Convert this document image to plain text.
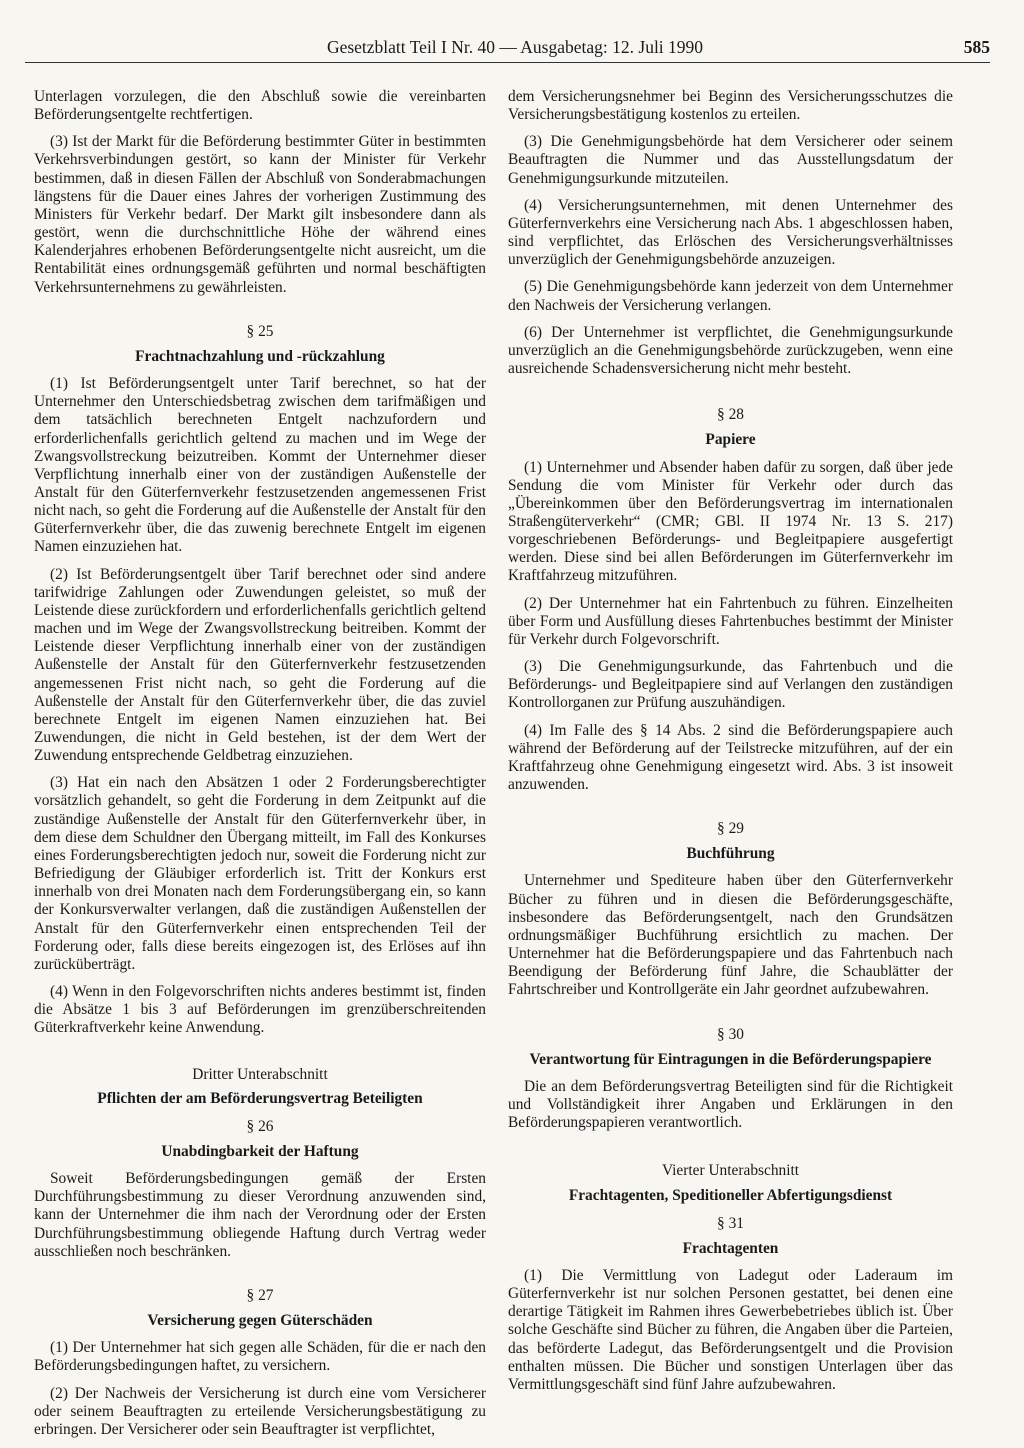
Gesetzblatt Teil I Nr. 40 — Ausgabetag: 12. Juli 1990	585

Unterlagen vorzulegen, die den Abschluß sowie die vereinbarten Beförderungsentgelte rechtfertigen.

(3) Ist der Markt für die Beförderung bestimmter Güter in bestimmten Verkehrsverbindungen gestört, so kann der Minister für Verkehr bestimmen, daß in diesen Fällen der Abschluß von Sonderabmachungen längstens für die Dauer eines Jahres der vorherigen Zustimmung des Ministers für Verkehr bedarf. Der Markt gilt insbesondere dann als gestört, wenn die durchschnittliche Höhe der während eines Kalenderjahres erhobenen Beförderungsentgelte nicht ausreicht, um die Rentabilität eines ordnungsgemäß geführten und normal beschäftigten Verkehrsunternehmens zu gewährleisten.

§ 25
Frachtnachzahlung und -rückzahlung

(1) Ist Beförderungsentgelt unter Tarif berechnet, so hat der Unternehmer den Unterschiedsbetrag zwischen dem tarifmäßigen und dem tatsächlich berechneten Entgelt nachzufordern und erforderlichenfalls gerichtlich geltend zu machen und im Wege der Zwangsvollstreckung beizutreiben. Kommt der Unternehmer dieser Verpflichtung innerhalb einer von der zuständigen Außenstelle der Anstalt für den Güterfernverkehr festzusetzenden angemessenen Frist nicht nach, so geht die Forderung auf die Außenstelle der Anstalt für den Güterfernverkehr über, die das zuwenig berechnete Entgelt im eigenen Namen einzuziehen hat.

(2) Ist Beförderungsentgelt über Tarif berechnet oder sind andere tarifwidrige Zahlungen oder Zuwendungen geleistet, so muß der Leistende diese zurückfordern und erforderlichenfalls gerichtlich geltend machen und im Wege der Zwangsvollstreckung beitreiben. Kommt der Leistende dieser Verpflichtung innerhalb einer von der zuständigen Außenstelle der Anstalt für den Güterfernverkehr festzusetzenden angemessenen Frist nicht nach, so geht die Forderung auf die Außenstelle der Anstalt für den Güterfernverkehr über, die das zuviel berechnete Entgelt im eigenen Namen einzuziehen hat. Bei Zuwendungen, die nicht in Geld bestehen, ist der dem Wert der Zuwendung entsprechende Geldbetrag einzuziehen.

(3) Hat ein nach den Absätzen 1 oder 2 Forderungsberechtigter vorsätzlich gehandelt, so geht die Forderung in dem Zeitpunkt auf die zuständige Außenstelle der Anstalt für den Güterfernverkehr über, in dem diese dem Schuldner den Übergang mitteilt, im Fall des Konkurses eines Forderungsberechtigten jedoch nur, soweit die Forderung nicht zur Befriedigung der Gläubiger erforderlich ist. Tritt der Konkurs erst innerhalb von drei Monaten nach dem Forderungsübergang ein, so kann der Konkursverwalter verlangen, daß die zuständigen Außenstellen der Anstalt für den Güterfernverkehr einen entsprechenden Teil der Forderung oder, falls diese bereits eingezogen ist, des Erlöses auf ihn zurücküberträgt.

(4) Wenn in den Folgevorschriften nichts anderes bestimmt ist, finden die Absätze 1 bis 3 auf Beförderungen im grenzüberschreitenden Güterkraftverkehr keine Anwendung.

Dritter Unterabschnitt
Pflichten der am Beförderungsvertrag Beteiligten
§ 26
Unabdingbarkeit der Haftung

Soweit Beförderungsbedingungen gemäß der Ersten Durchführungsbestimmung zu dieser Verordnung anzuwenden sind, kann der Unternehmer die ihm nach der Verordnung oder der Ersten Durchführungsbestimmung obliegende Haftung durch Vertrag weder ausschließen noch beschränken.

§ 27
Versicherung gegen Güterschäden

(1) Der Unternehmer hat sich gegen alle Schäden, für die er nach den Beförderungsbedingungen haftet, zu versichern.

(2) Der Nachweis der Versicherung ist durch eine vom Versicherer oder seinem Beauftragten zu erteilende Versicherungsbestätigung zu erbringen. Der Versicherer oder sein Beauftragter ist verpflichtet,

dem Versicherungsnehmer bei Beginn des Versicherungsschutzes die Versicherungsbestätigung kostenlos zu erteilen.

(3) Die Genehmigungsbehörde hat dem Versicherer oder seinem Beauftragten die Nummer und das Ausstellungsdatum der Genehmigungsurkunde mitzuteilen.

(4) Versicherungsunternehmen, mit denen Unternehmer des Güterfernverkehrs eine Versicherung nach Abs. 1 abgeschlossen haben, sind verpflichtet, das Erlöschen des Versicherungsverhältnisses unverzüglich der Genehmigungsbehörde anzuzeigen.

(5) Die Genehmigungsbehörde kann jederzeit von dem Unternehmer den Nachweis der Versicherung verlangen.

(6) Der Unternehmer ist verpflichtet, die Genehmigungsurkunde unverzüglich an die Genehmigungsbehörde zurückzugeben, wenn eine ausreichende Schadensversicherung nicht mehr besteht.

§ 28
Papiere

(1) Unternehmer und Absender haben dafür zu sorgen, daß über jede Sendung die vom Minister für Verkehr oder durch das „Übereinkommen über den Beförderungsvertrag im internationalen Straßengüterverkehr“ (CMR; GBl. II 1974 Nr. 13 S. 217) vorgeschriebenen Beförderungs- und Begleitpapiere ausgefertigt werden. Diese sind bei allen Beförderungen im Güterfernverkehr im Kraftfahrzeug mitzuführen.

(2) Der Unternehmer hat ein Fahrtenbuch zu führen. Einzelheiten über Form und Ausfüllung dieses Fahrtenbuches bestimmt der Minister für Verkehr durch Folgevorschrift.

(3) Die Genehmigungsurkunde, das Fahrtenbuch und die Beförderungs- und Begleitpapiere sind auf Verlangen den zuständigen Kontrollorganen zur Prüfung auszuhändigen.

(4) Im Falle des § 14 Abs. 2 sind die Beförderungspapiere auch während der Beförderung auf der Teilstrecke mitzuführen, auf der ein Kraftfahrzeug ohne Genehmigung eingesetzt wird. Abs. 3 ist insoweit anzuwenden.

§ 29
Buchführung

Unternehmer und Spediteure haben über den Güterfernverkehr Bücher zu führen und in diesen die Beförderungsgeschäfte, insbesondere das Beförderungsentgelt, nach den Grundsätzen ordnungsmäßiger Buchführung ersichtlich zu machen. Der Unternehmer hat die Beförderungspapiere und das Fahrtenbuch nach Beendigung der Beförderung fünf Jahre, die Schaublätter der Fahrtschreiber und Kontrollgeräte ein Jahr geordnet aufzubewahren.

§ 30
Verantwortung für Eintragungen in die Beförderungspapiere

Die an dem Beförderungsvertrag Beteiligten sind für die Richtigkeit und Vollständigkeit ihrer Angaben und Erklärungen in den Beförderungspapieren verantwortlich.

Vierter Unterabschnitt
Frachtagenten, Speditioneller Abfertigungsdienst
§ 31
Frachtagenten

(1) Die Vermittlung von Ladegut oder Laderaum im Güterfernverkehr ist nur solchen Personen gestattet, bei denen eine derartige Tätigkeit im Rahmen ihres Gewerbebetriebes üblich ist. Über solche Geschäfte sind Bücher zu führen, die Angaben über die Parteien, das beförderte Ladegut, das Beförderungsentgelt und die Provision enthalten müssen. Die Bücher und sonstigen Unterlagen über das Vermittlungsgeschäft sind fünf Jahre aufzubewahren.
